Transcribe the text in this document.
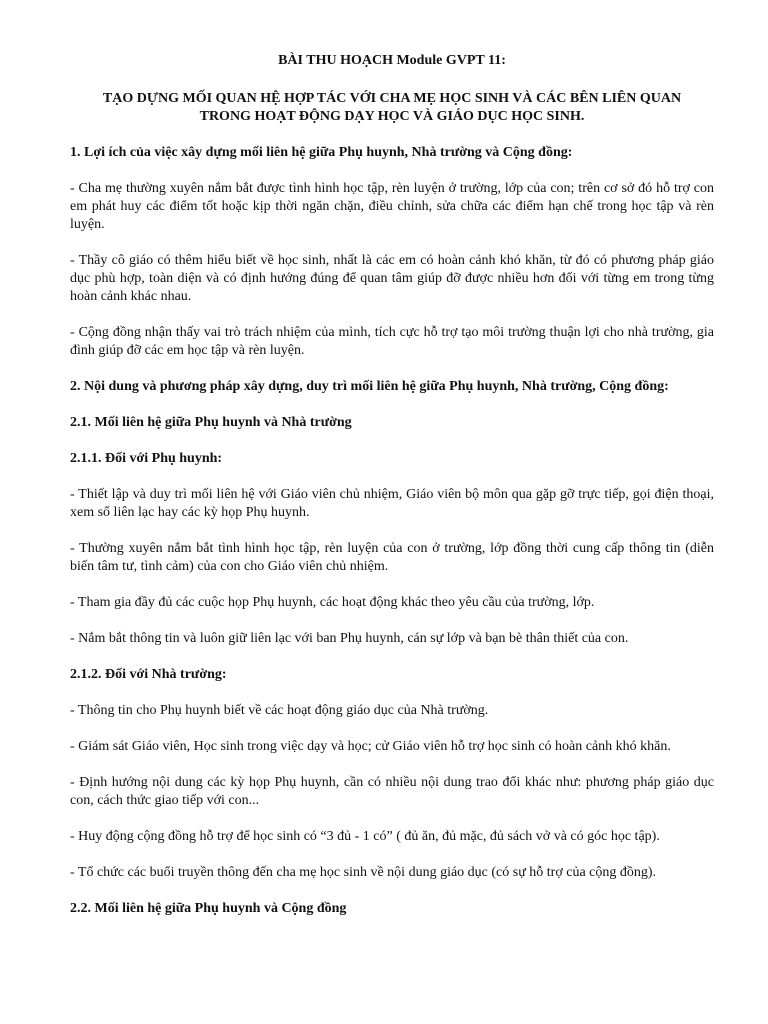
BÀI THU HOẠCH Module GVPT 11:
TẠO DỰNG MỐI QUAN HỆ HỢP TÁC VỚI CHA MẸ HỌC SINH VÀ CÁC BÊN LIÊN QUAN
TRONG HOẠT ĐỘNG DẠY HỌC VÀ GIÁO DỤC HỌC SINH.
1. Lợi ích của việc xây dựng mối liên hệ giữa Phụ huynh, Nhà trường và Cộng đồng:
- Cha mẹ thường xuyên nắm bắt được tình hình học tập, rèn luyện ở trường, lớp của con; trên cơ sở đó hỗ trợ con em phát huy các điểm tốt hoặc kịp thời ngăn chặn, điều chỉnh, sửa chữa các điểm hạn chế trong học tập và rèn luyện.
- Thầy cô giáo có thêm hiểu biết về học sinh, nhất là các em có hoàn cảnh khó khăn, từ đó có phương pháp giáo dục phù hợp, toàn diện và có định hướng đúng để quan tâm giúp đỡ được nhiều hơn đối với từng em trong từng hoàn cảnh khác nhau.
- Cộng đồng nhận thấy vai trò trách nhiệm của mình, tích cực hỗ trợ tạo môi trường thuận lợi cho nhà trường, gia đình giúp đỡ các em học tập và rèn luyện.
2. Nội dung và phương pháp xây dựng, duy trì mối liên hệ giữa Phụ huynh, Nhà trường, Cộng đồng:
2.1. Mối liên hệ giữa Phụ huynh và Nhà trường
2.1.1. Đối với Phụ huynh:
- Thiết lập và duy trì mối liên hệ với Giáo viên chủ nhiệm, Giáo viên bộ môn qua gặp gỡ trực tiếp, gọi điện thoại, xem sổ liên lạc hay các kỳ họp Phụ huynh.
- Thường xuyên nắm bắt tình hình học tập, rèn luyện của con ở trường, lớp đồng thời cung cấp thông tin (diễn biến tâm tư, tình cảm) của con cho Giáo viên chủ nhiệm.
- Tham gia đầy đủ các cuộc họp Phụ huynh, các hoạt động khác theo yêu cầu của trường, lớp.
- Nắm bắt thông tin và luôn giữ liên lạc với ban Phụ huynh, cán sự lớp và bạn bè thân thiết của con.
2.1.2. Đối với Nhà trường:
- Thông tin cho Phụ huynh biết về các hoạt động giáo dục của Nhà trường.
- Giám sát Giáo viên, Học sinh trong việc dạy và học; cử Giáo viên hỗ trợ học sinh có hoàn cảnh khó khăn.
- Định hướng nội dung các kỳ họp Phụ huynh, cần có nhiều nội dung trao đổi khác như: phương pháp giáo dục con, cách thức giao tiếp với con...
- Huy động cộng đồng hỗ trợ để học sinh có “3 đủ - 1 có” ( đủ ăn, đủ mặc, đủ sách vở và có góc học tập).
- Tổ chức các buổi truyền thông đến cha mẹ học sinh về nội dung giáo dục (có sự hỗ trợ của cộng đồng).
2.2. Mối liên hệ giữa Phụ huynh và Cộng đồng
